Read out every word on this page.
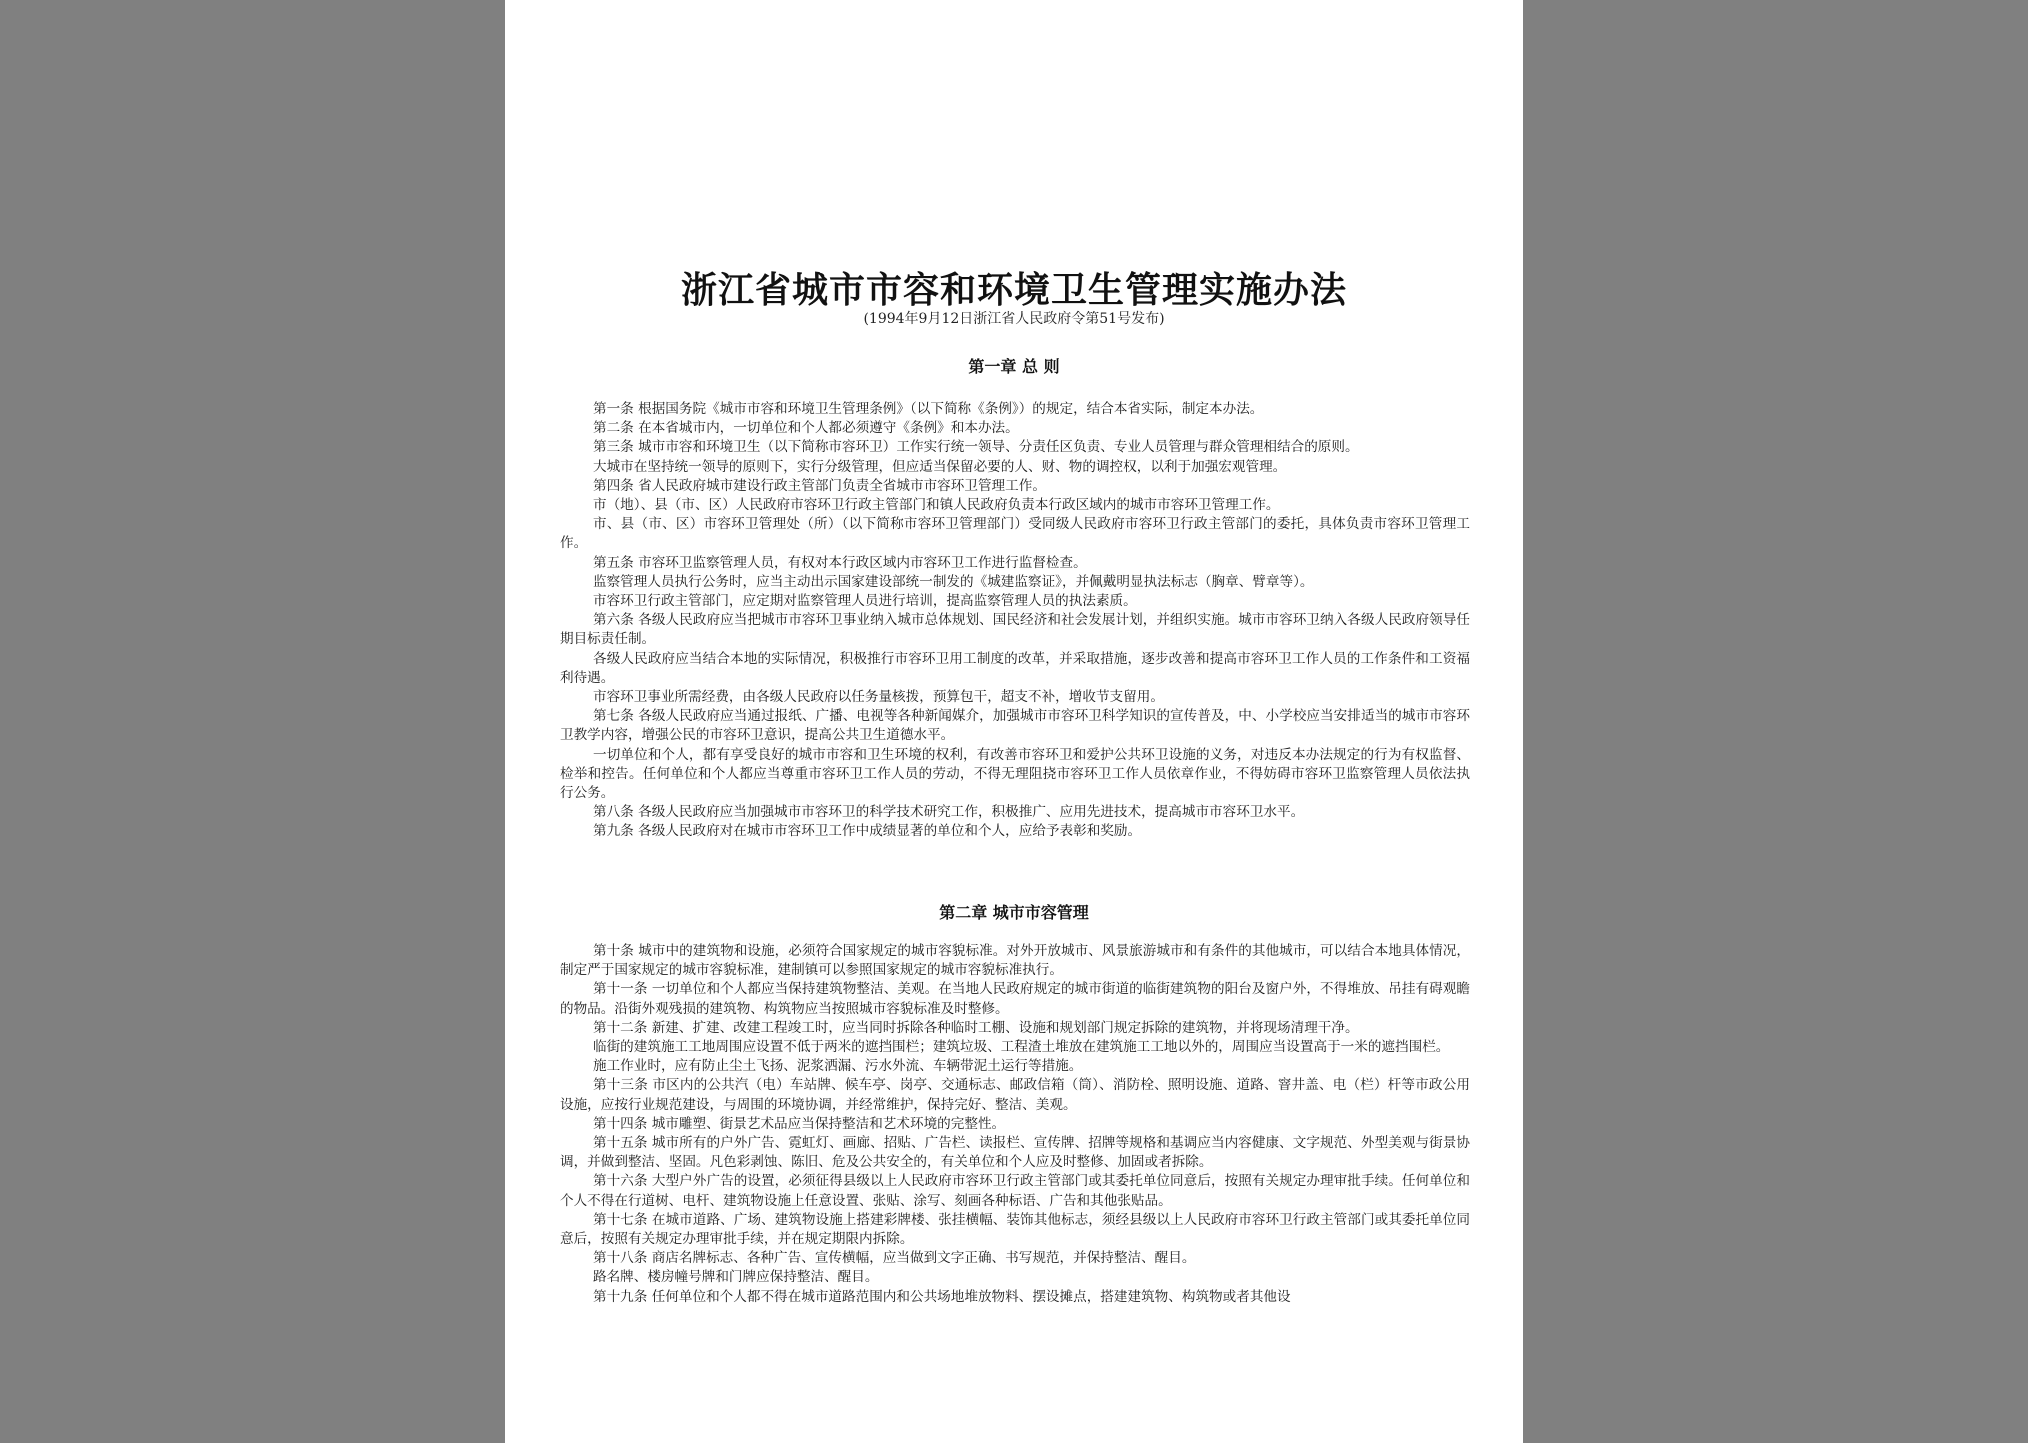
浙江省城市市容和环境卫生管理实施办法
(1994年9月12日浙江省人民政府令第51号发布)
第一章 总 则

第一条 根据国务院《城市市容和环境卫生管理条例》（以下简称《条例》）的规定，结合本省实际，制定本办法。

第二条 在本省城市内，一切单位和个人都必须遵守《条例》和本办法。

第三条 城市市容和环境卫生（以下简称市容环卫）工作实行统一领导、分责任区负责、专业人员管理与群众管理相结合的原则。

大城市在坚持统一领导的原则下，实行分级管理，但应适当保留必要的人、财、物的调控权，以利于加强宏观管理。

第四条 省人民政府城市建设行政主管部门负责全省城市市容环卫管理工作。

市（地）、县（市、区）人民政府市容环卫行政主管部门和镇人民政府负责本行政区域内的城市市容环卫管理工作。

市、县（市、区）市容环卫管理处（所）（以下简称市容环卫管理部门）受同级人民政府市容环卫行政主管部门的委托，具体负责市容环卫管理工作。

第五条 市容环卫监察管理人员，有权对本行政区域内市容环卫工作进行监督检查。

监察管理人员执行公务时，应当主动出示国家建设部统一制发的《城建监察证》，并佩戴明显执法标志（胸章、臂章等）。

市容环卫行政主管部门，应定期对监察管理人员进行培训，提高监察管理人员的执法素质。

第六条 各级人民政府应当把城市市容环卫事业纳入城市总体规划、国民经济和社会发展计划，并组织实施。城市市容环卫纳入各级人民政府领导任期目标责任制。

各级人民政府应当结合本地的实际情况，积极推行市容环卫用工制度的改革，并采取措施，逐步改善和提高市容环卫工作人员的工作条件和工资福利待遇。

市容环卫事业所需经费，由各级人民政府以任务量核拨，预算包干，超支不补，增收节支留用。

第七条 各级人民政府应当通过报纸、广播、电视等各种新闻媒介，加强城市市容环卫科学知识的宣传普及，中、小学校应当安排适当的城市市容环卫教学内容，增强公民的市容环卫意识，提高公共卫生道德水平。

一切单位和个人，都有享受良好的城市市容和卫生环境的权利，有改善市容环卫和爱护公共环卫设施的义务，对违反本办法规定的行为有权监督、检举和控告。任何单位和个人都应当尊重市容环卫工作人员的劳动，不得无理阻挠市容环卫工作人员依章作业，不得妨碍市容环卫监察管理人员依法执行公务。

第八条 各级人民政府应当加强城市市容环卫的科学技术研究工作，积极推广、应用先进技术，提高城市市容环卫水平。

第九条 各级人民政府对在城市市容环卫工作中成绩显著的单位和个人，应给予表彰和奖励。

第二章 城市市容管理

第十条 城市中的建筑物和设施，必须符合国家规定的城市容貌标准。对外开放城市、风景旅游城市和有条件的其他城市，可以结合本地具体情况，制定严于国家规定的城市容貌标准，建制镇可以参照国家规定的城市容貌标准执行。

第十一条 一切单位和个人都应当保持建筑物整洁、美观。在当地人民政府规定的城市街道的临街建筑物的阳台及窗户外，不得堆放、吊挂有碍观瞻的物品。沿街外观残损的建筑物、构筑物应当按照城市容貌标准及时整修。

第十二条 新建、扩建、改建工程竣工时，应当同时拆除各种临时工棚、设施和规划部门规定拆除的建筑物，并将现场清理干净。

临街的建筑施工工地周围应设置不低于两米的遮挡围栏；建筑垃圾、工程渣土堆放在建筑施工工地以外的，周围应当设置高于一米的遮挡围栏。

施工作业时，应有防止尘土飞扬、泥浆洒漏、污水外流、车辆带泥土运行等措施。

第十三条 市区内的公共汽（电）车站牌、候车亭、岗亭、交通标志、邮政信箱（筒）、消防栓、照明设施、道路、窨井盖、电（栏）杆等市政公用设施，应按行业规范建设，与周围的环境协调，并经常维护，保持完好、整洁、美观。

第十四条 城市雕塑、街景艺术品应当保持整洁和艺术环境的完整性。

第十五条 城市所有的户外广告、霓虹灯、画廊、招贴、广告栏、读报栏、宣传牌、招牌等规格和基调应当内容健康、文字规范、外型美观与街景协调，并做到整洁、坚固。凡色彩剥蚀、陈旧、危及公共安全的，有关单位和个人应及时整修、加固或者拆除。

第十六条 大型户外广告的设置，必须征得县级以上人民政府市容环卫行政主管部门或其委托单位同意后，按照有关规定办理审批手续。任何单位和个人不得在行道树、电杆、建筑物设施上任意设置、张贴、涂写、刻画各种标语、广告和其他张贴品。

第十七条 在城市道路、广场、建筑物设施上搭建彩牌楼、张挂横幅、装饰其他标志，须经县级以上人民政府市容环卫行政主管部门或其委托单位同意后，按照有关规定办理审批手续，并在规定期限内拆除。

第十八条 商店名牌标志、各种广告、宣传横幅，应当做到文字正确、书写规范，并保持整洁、醒目。

路名牌、楼房幢号牌和门牌应保持整洁、醒目。

第十九条 任何单位和个人都不得在城市道路范围内和公共场地堆放物料、摆设摊点，搭建建筑物、构筑物或者其他设
